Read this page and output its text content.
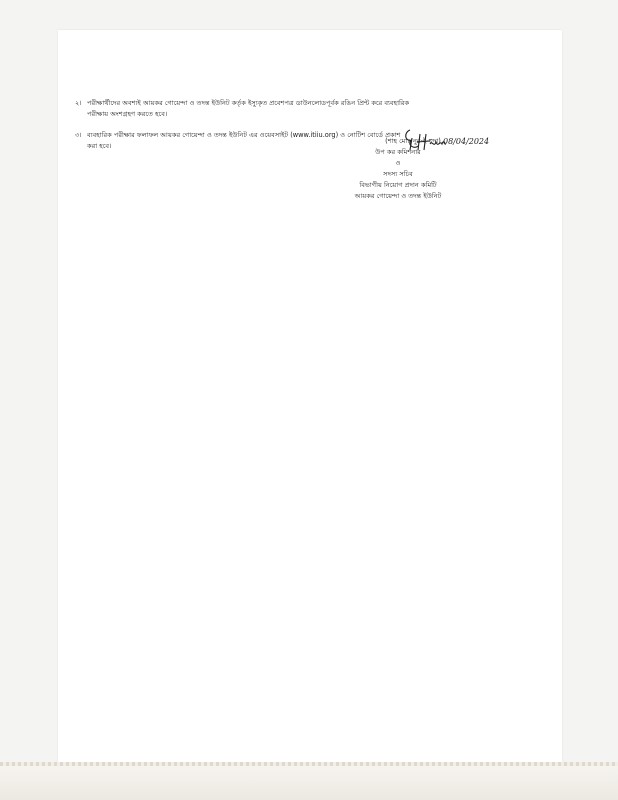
২। পরীক্ষার্থীদের অবশ্যই আয়কর গোয়েন্দা ও তদন্ত ইউনিট কর্তৃক ইস্যুকৃত প্রবেশপত্র ডাউনলোডপূর্বক রঙিন প্রিন্ট করে ব্যবহারিক
পরীক্ষায় অংশগ্রহণ করতে হবে।
৩। ব্যবহারিক পরীক্ষার ফলাফল আয়কর গোয়েন্দা ও তদন্ত ইউনিট এর ওয়েবসাইট (www.itiiu.org) ও নোটিশ বোর্ডে প্রকাশ
করা হবে।	08/04/2024
(শাহ মোঃ নুর-ই-হুদা)
উপ কর কমিশনার
ও
সদস্য সচিব
বিভাগীয় নিয়োগ প্রদান কমিটি
আয়কর গোয়েন্দা ও তদন্ত ইউনিট
